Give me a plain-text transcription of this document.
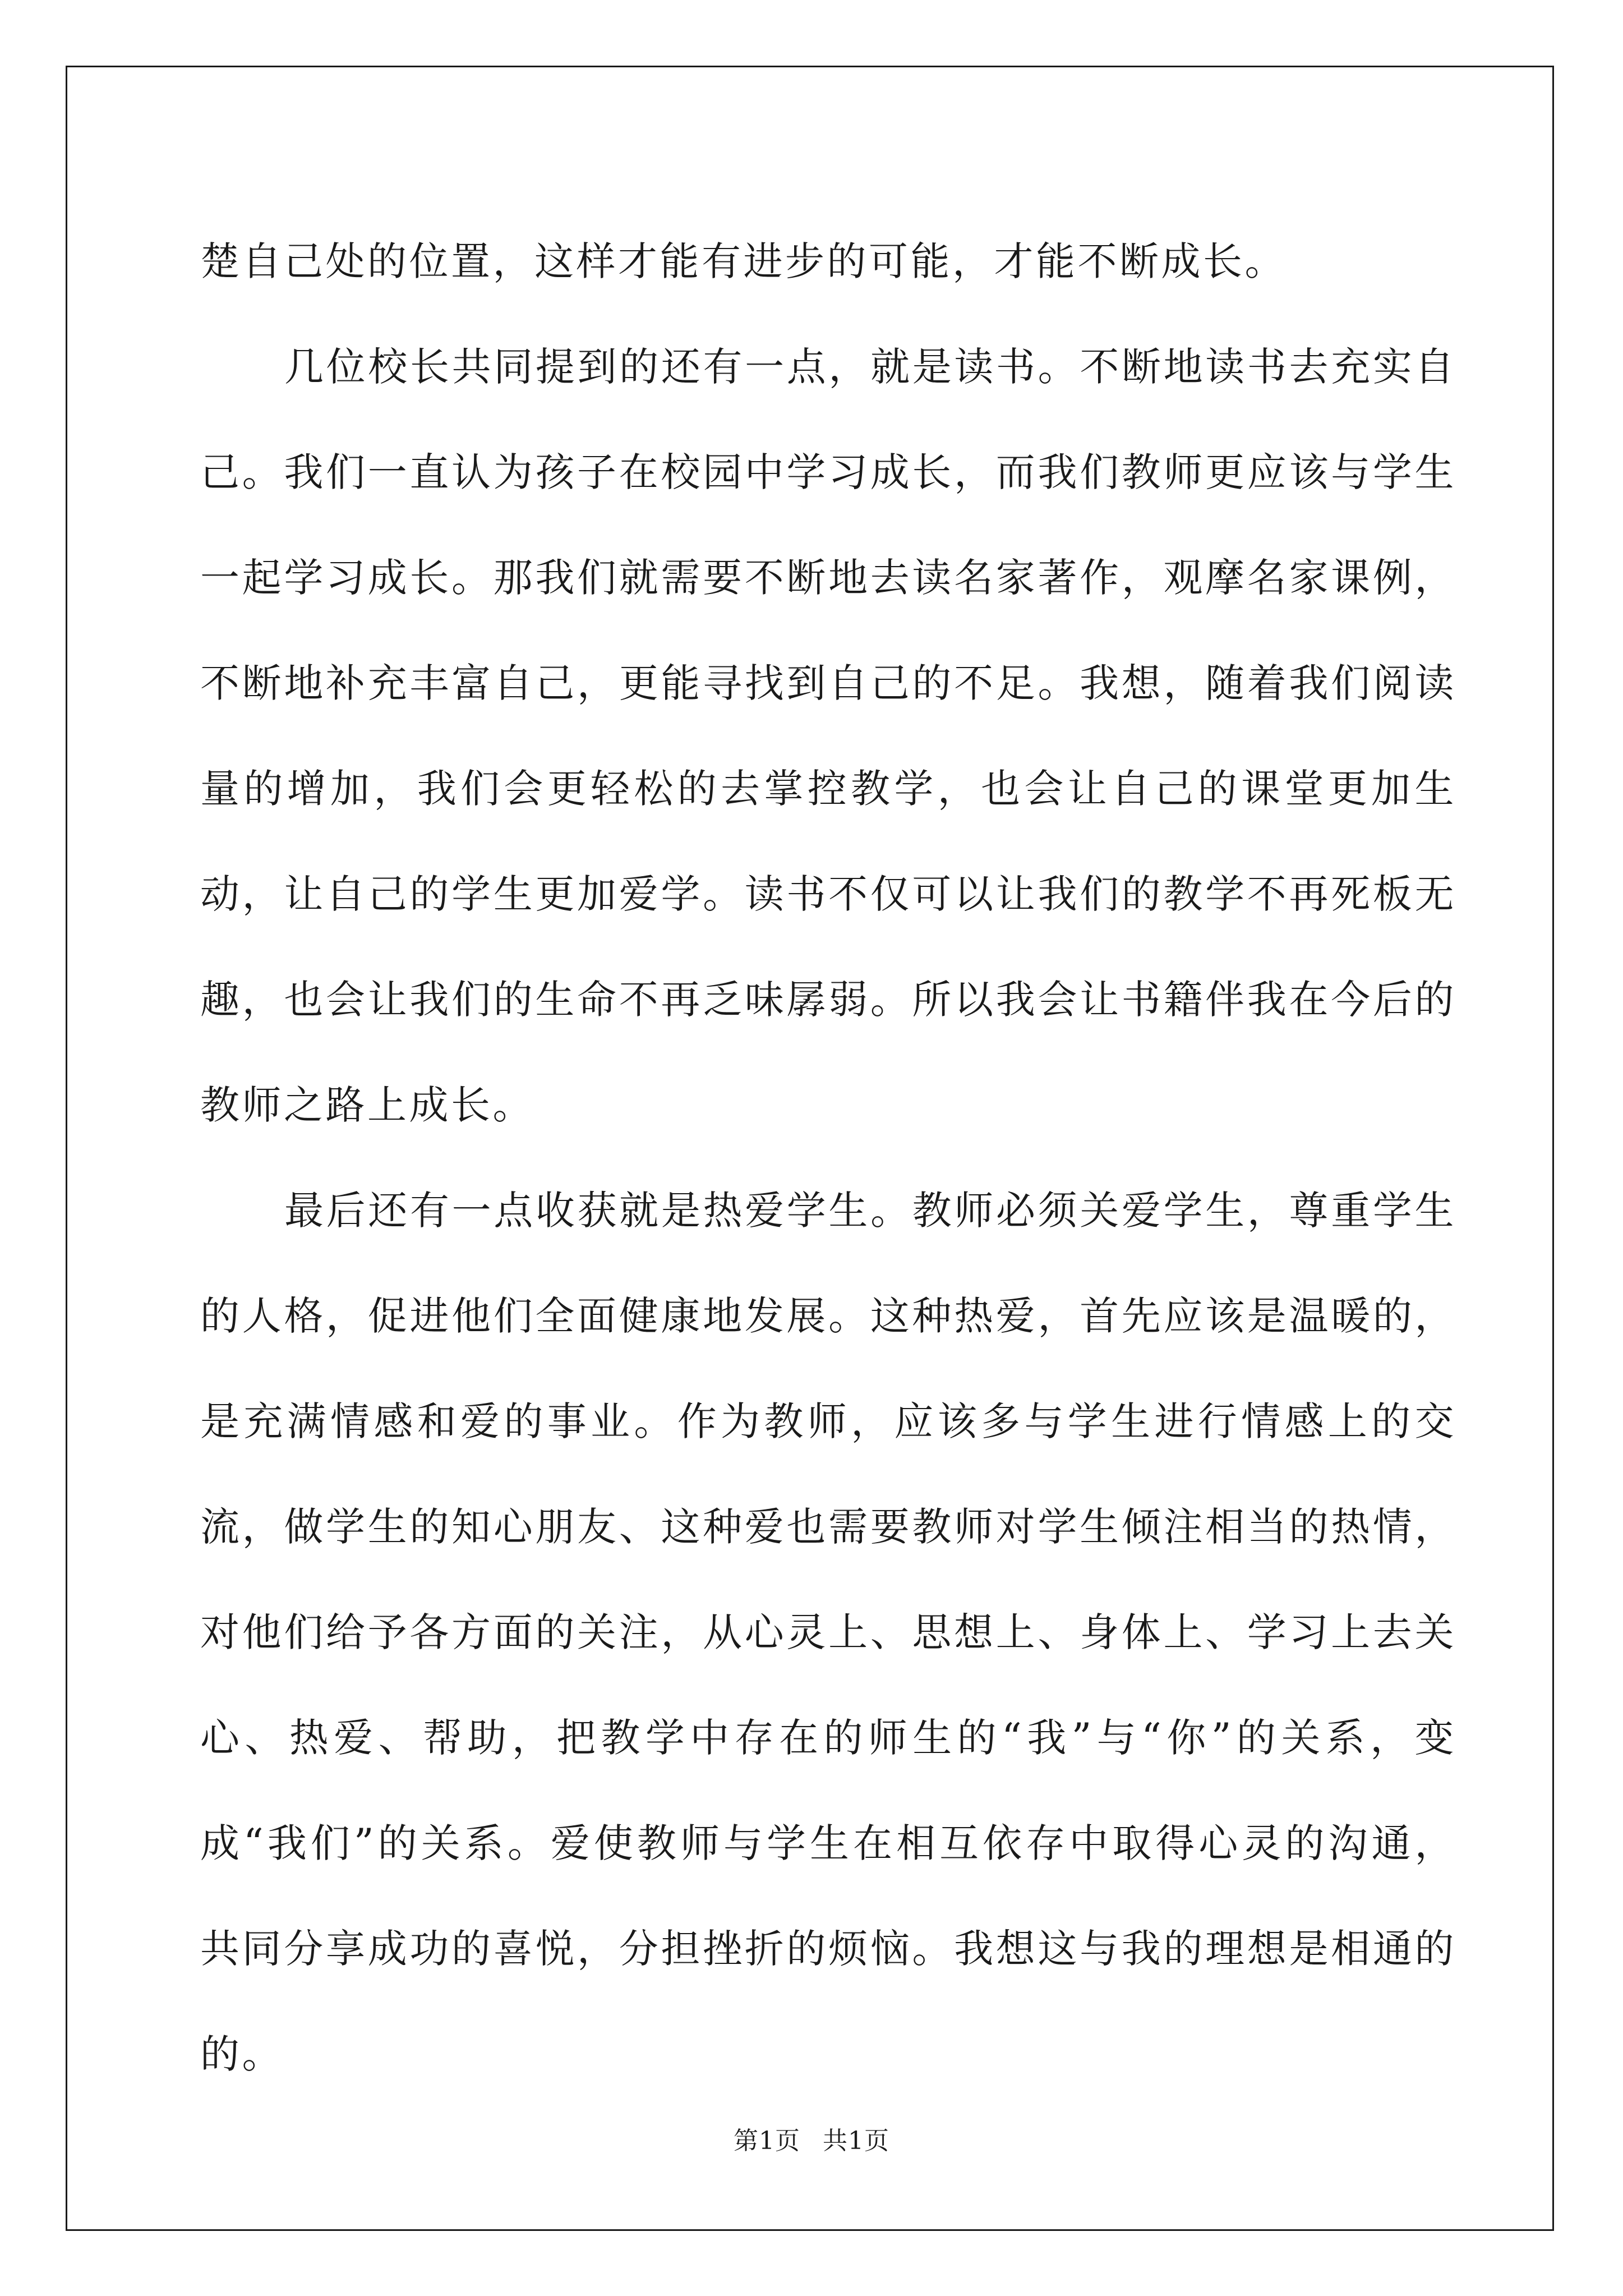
楚自己处的位置，这样才能有进步的可能，才能不断成长。

几位校长共同提到的还有一点，就是读书。不断地读书去充实自己。我们一直认为孩子在校园中学习成长，而我们教师更应该与学生一起学习成长。那我们就需要不断地去读名家著作，观摩名家课例，不断地补充丰富自己，更能寻找到自己的不足。我想，随着我们阅读量的增加，我们会更轻松的去掌控教学，也会让自己的课堂更加生动，让自己的学生更加爱学。读书不仅可以让我们的教学不再死板无趣，也会让我们的生命不再乏味孱弱。所以我会让书籍伴我在今后的教师之路上成长。

最后还有一点收获就是热爱学生。教师必须关爱学生，尊重学生的人格，促进他们全面健康地发展。这种热爱，首先应该是温暖的，是充满情感和爱的事业。作为教师，应该多与学生进行情感上的交流，做学生的知心朋友、这种爱也需要教师对学生倾注相当的热情，对他们给予各方面的关注，从心灵上、思想上、身体上、学习上去关心、热爱、帮助，把教学中存在的师生的“我”与“你”的关系，变成“我们”的关系。爱使教师与学生在相互依存中取得心灵的沟通，共同分享成功的喜悦，分担挫折的烦恼。我想这与我的理想是相通的的。

第1页 共1页
